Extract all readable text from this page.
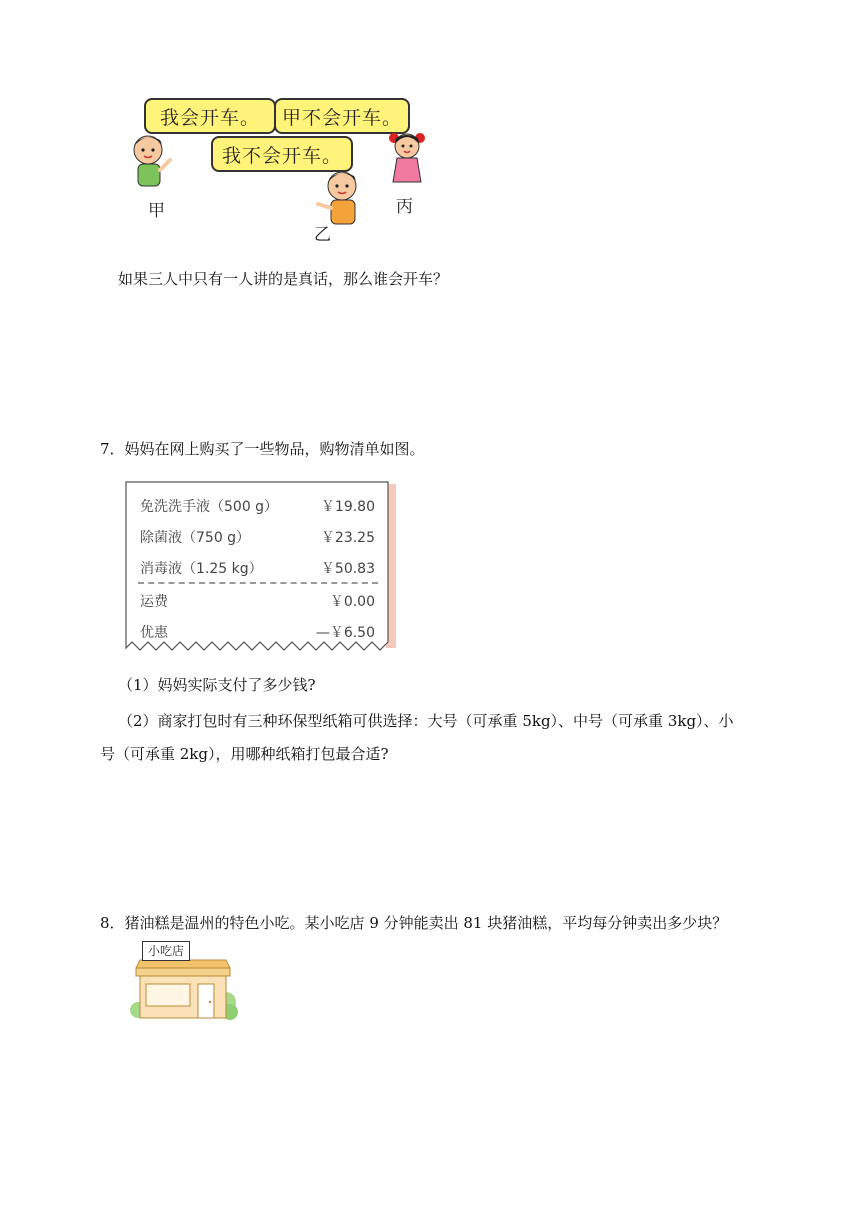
我会开车。	甲不会开车。
我不会开车。
甲
乙
丙
如果三人中只有一人讲的是真话，那么谁会开车？
7．妈妈在网上购买了一些物品，购物清单如图。
免洗洗手液（500 g）	￥19.80
除菌液（750 g）	￥23.25
消毒液（1.25 kg）	￥50.83
运费	￥0.00
优惠	—￥6.50
（1）妈妈实际支付了多少钱?
（2）商家打包时有三种环保型纸箱可供选择：大号（可承重 5kg）、中号（可承重 3kg）、小
号（可承重 2kg），用哪种纸箱打包最合适?
8．猪油糕是温州的特色小吃。某小吃店 9 分钟能卖出 81 块猪油糕，平均每分钟卖出多少块？
小吃店
